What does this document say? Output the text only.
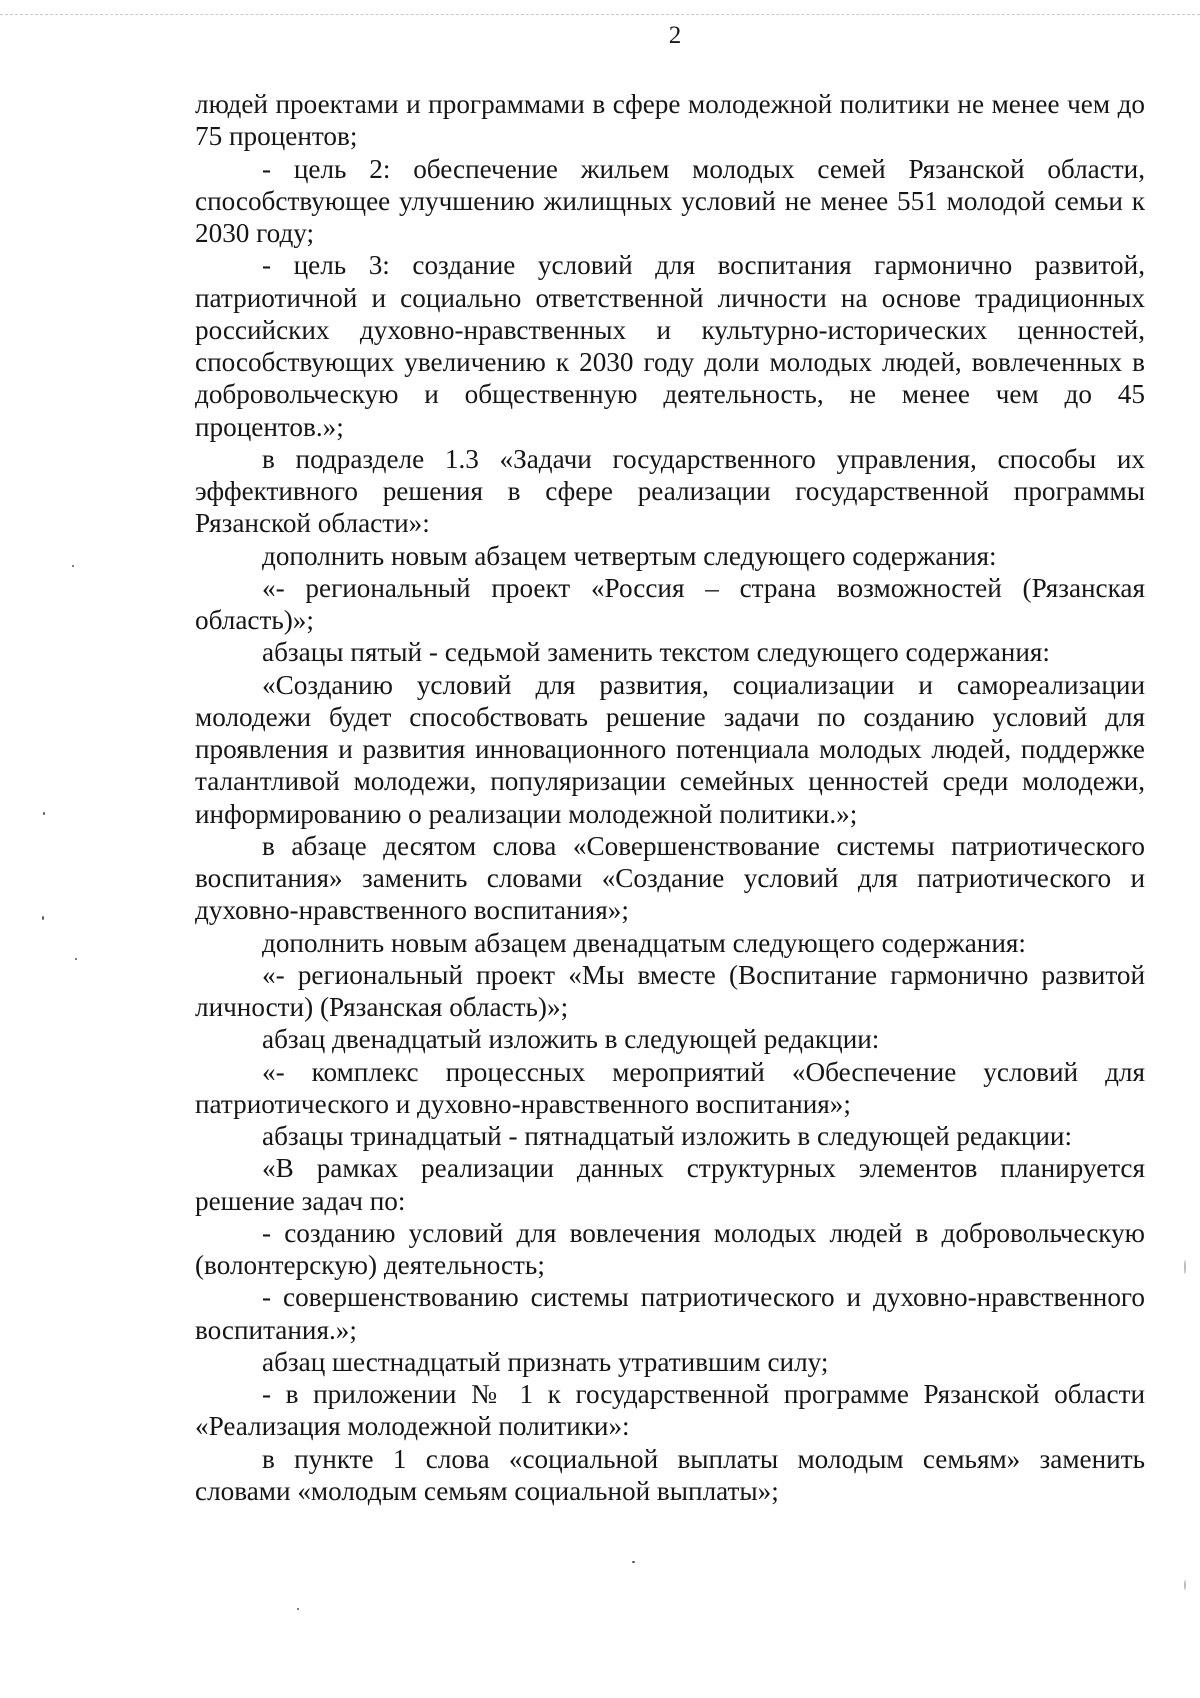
2

людей проектами и программами в сфере молодежной политики не менее чем до 75 процентов;

- цель 2: обеспечение жильем молодых семей Рязанской области, способствующее улучшению жилищных условий не менее 551 молодой семьи к 2030 году;

- цель 3: создание условий для воспитания гармонично развитой, патриотичной и социально ответственной личности на основе традиционных российских духовно-нравственных и культурно-исторических ценностей, способствующих увеличению к 2030 году доли молодых людей, вовлеченных в добровольческую и общественную деятельность, не менее чем до 45 процентов.»;

в подразделе 1.3 «Задачи государственного управления, способы их эффективного решения в сфере реализации государственной программы Рязанской области»:

дополнить новым абзацем четвертым следующего содержания:

«- региональный проект «Россия – страна возможностей (Рязанская область)»;

абзацы пятый - седьмой заменить текстом следующего содержания:

«Созданию условий для развития, социализации и самореализации молодежи будет способствовать решение задачи по созданию условий для проявления и развития инновационного потенциала молодых людей, поддержке талантливой молодежи, популяризации семейных ценностей среди молодежи, информированию о реализации молодежной политики.»;

в абзаце десятом слова «Совершенствование системы патриотического воспитания» заменить словами «Создание условий для патриотического и духовно-нравственного воспитания»;

дополнить новым абзацем двенадцатым следующего содержания:

«- региональный проект «Мы вместе (Воспитание гармонично развитой личности) (Рязанская область)»;

абзац двенадцатый изложить в следующей редакции:

«- комплекс процессных мероприятий «Обеспечение условий для патриотического и духовно-нравственного воспитания»;

абзацы тринадцатый - пятнадцатый изложить в следующей редакции:

«В рамках реализации данных структурных элементов планируется решение задач по:

- созданию условий для вовлечения молодых людей в добровольческую (волонтерскую) деятельность;

- совершенствованию системы патриотического и духовно-нравственного воспитания.»;

абзац шестнадцатый признать утратившим силу;

- в приложении № 1 к государственной программе Рязанской области «Реализация молодежной политики»:

в пункте 1 слова «социальной выплаты молодым семьям» заменить словами «молодым семьям социальной выплаты»;
